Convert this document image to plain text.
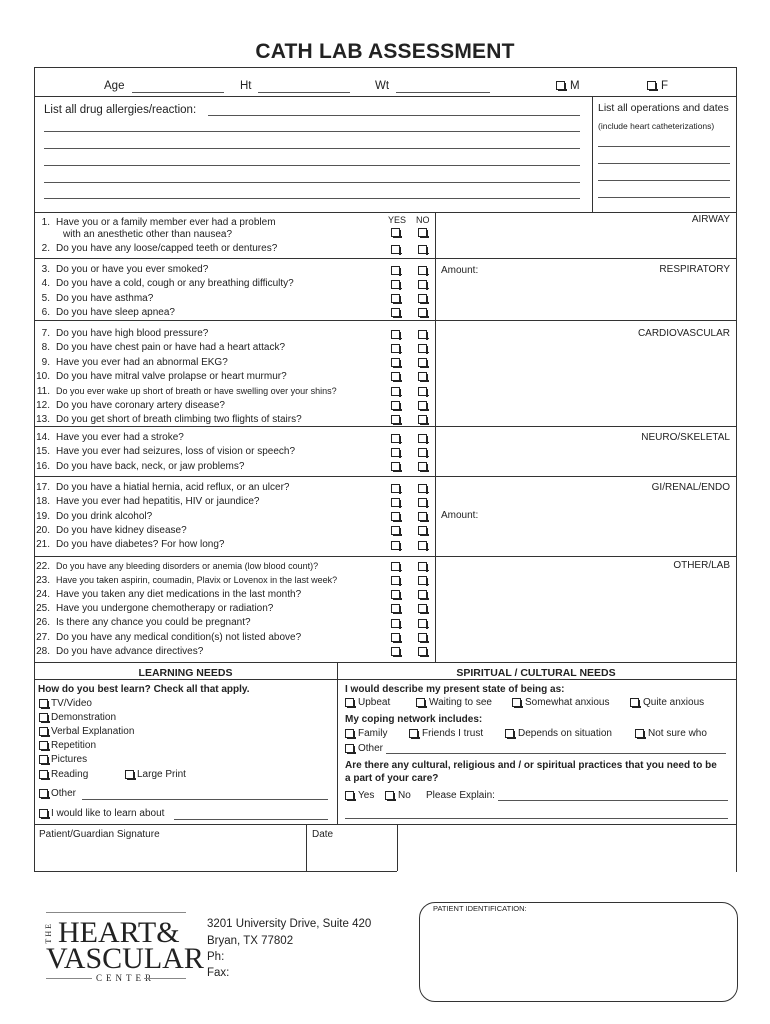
CATH LAB ASSESSMENT
Age	Ht	Wt	M	F
List all drug allergies/reaction:	List all operations and dates
(include heart catheterizations)
YES NO	AIRWAY
1. Have you or a family member ever had a problem
with an anesthetic other than nausea?
2. Do you have any loose/capped teeth or dentures?
RESPIRATORY
Amount:
3. Do you or have you ever smoked?
4. Do you have a cold, cough or any breathing difficulty?
5. Do you have asthma?
6. Do you have sleep apnea?
CARDIOVASCULAR
7. Do you have high blood pressure?
8. Do you have chest pain or have had a heart attack?
9. Have you ever had an abnormal EKG?
10. Do you have mitral valve prolapse or heart murmur?
11. Do you ever wake up short of breath or have swelling over your shins?
12. Do you have coronary artery disease?
13. Do you get short of breath climbing two flights of stairs?
NEURO/SKELETAL
14. Have you ever had a stroke?
15. Have you ever had seizures, loss of vision or speech?
16. Do you have back, neck, or jaw problems?
GI/RENAL/ENDO
Amount:
17. Do you have a hiatial hernia, acid reflux, or an ulcer?
18. Have you ever had hepatitis, HIV or jaundice?
19. Do you drink alcohol?
20. Do you have kidney disease?
21. Do you have diabetes? For how long?
OTHER/LAB
22. Do you have any bleeding disorders or anemia (low blood count)?
23. Have you taken aspirin, coumadin, Plavix or Lovenox in the last week?
24. Have you taken any diet medications in the last month?
25. Have you undergone chemotherapy or radiation?
26. Is there any chance you could be pregnant?
27. Do you have any medical condition(s) not listed above?
28. Do you have advance directives?
LEARNING NEEDS	SPIRITUAL / CULTURAL NEEDS
How do you best learn? Check all that apply.
TV/Video
Demonstration
Verbal Explanation
Repetition
Pictures
Reading	Large Print
Other
I would like to learn about
I would describe my present state of being as:
Upbeat	Waiting to see	Somewhat anxious	Quite anxious
My coping network includes:
Family	Friends I trust	Depends on situation	Not sure who
Other
Are there any cultural, religious and / or spiritual practices that you need to be
a part of your care?
Yes No Please Explain:
Patient/Guardian Signature	Date
THE HEART&
VASCULAR
CENTER
3201 University Drive, Suite 420
Bryan, TX 77802
Ph:
Fax:
PATIENT IDENTIFICATION:
